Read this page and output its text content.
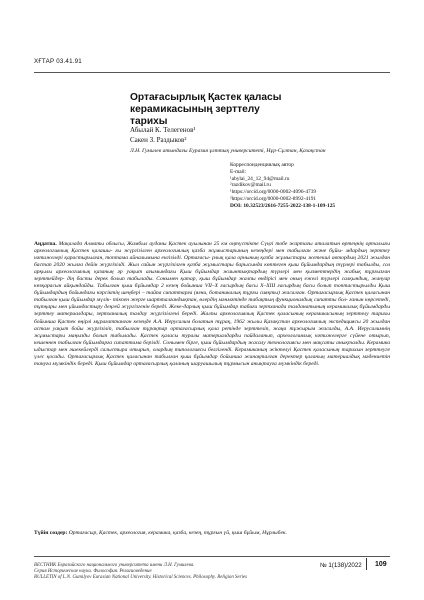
ХҒТАР 03.41.91
Ортағасырлық Қастек қаласы керамикасының зерттелу
тарихы
Абылай К. Телегенов¹
Сакен З. Раздыков²
Л.Н. Гумилев атындағы Еуразия ұлттық университеті, Нұр-Сұлтан, Қазақстан
Корреспонденциялық автор
E-mail:
¹abylai_24_12_94@mail.ru
²razdikov@mail.ru
¹https://orcid.org/0000-0002-4096-4739
²https://orcid.org/0000-0002-8992-4191
DOI: 10.32523/2616-7255-2022-138-1-109-125
Аңдатпа. Мақалада Алматы облысы, Жамбыл ауданы Қастек ауылынан 25 км оңтүстікте Сүңгі тобе жартағы аталатын өртеңнің орталығы археологиялық Қастек қалашы- ғы жүргізілген археологиялық қазба жұмыстарының кезеңдері мен табылған және бұйы- мдардың зерттеу нәтижелері қарастырылған, топтама айналымына енгізілді. Ортағасы- рлық қала орнының қазба жұмыстары жетекші автордың 2021 жылдан бастап 2020 жылға дейін жүргізілді. Жыл сайын жүргізілген қазба жұмыстары барысында көптеген қыш бұйымдардың түрлері табылды, сол арқылы археологиялық қазаның әр уақыт ағымындағы Қыш бұйымдар жиынтықтардың түрлері мен қызметтердің жабық тұрғызған зерттейдер- дің басты дерек болып табылады. Сонымен қатар, қыш бұйымдар жалпы өндірісі мен оның ежелі түрлері салқындық, жануар көзқарасын айқындайды. Табылған қыш бұйымдар 2 кезең бойынша VII–X ғасырдың басы X–XIII ғасырдың басы болып топтастырылды Қыш бұйымдардың бойындағы нәрсіктің шеңбері – тайпа сипаттарға (яғни, ботаникалық тұрғы сияқты) жасалған. Ортағасырлық Қастек қаласынан табылған қыш бұйымдар мүлік- тікпен жерге шартталғандықтан, өлердің мәнмәтінде табақтың функционалдық сипатты бол- ғанын көрсетеді, тұтқары мен ұйымдастыру деңгей жүргізгенін береді. Жеке-дарлық қыш бұйымдар табиғи зертханада талданатының керамикалық бұйымдарды зерттеу материалдары, зертханалық талдау жүргізілгені береді. Жалпы археологиялық Қастек қаласының керамикасының зерттелу тарихы бойынша Қастек өңірлі мұрағаттанған кезеңде А.А. Иерусалим болатын тұрақ, 1962 жылы Қазақстан археологиялық экспедициясы 20 жылдан астам уақыт бойы жүргізіліп, табылған тұрақтар ортағасырлық қала ретінде зерттеліп, жаңа тұжырым жасалды, А.А. Иерусалимнің жұмыстары маңызды болып табылады. Қастек қаласы туралы материалдарды пайдаланып, археологиялық нәтижелерге сүйене отырып, кешеннен табылған бұйымдарға сипаттама берілді. Сонымен бірге, қыш бұйымдардың жасалу технологиясы мен мақсаты анықталды. Керамика ыдыстар мен әшекейлерді салыстыра отырып, олардың типологиясы белгіленді. Керамиканың жіктелуі Қастек қаласының тарихын зерттеуге үлес қосады. Ортағасырлық Қастек қаласынан табылған қыш бұйымдар бойынша жинақталған деректер қаланың материалдық мәдениетін тануға мүмкіндік береді. Қыш бұйымдар ортағасырлық қаланың шаруашылық тұрмысын анықтауға мүмкіндік береді.
Түйін сөздер: Ортағасыр, Қастек, археология, керамика, қазба, кезең, тұрғын үй, қыш бұйым, Нұрлыбек.
ВЕСТНИК Евразийского национального университета имени Л.Н. Гумилева.
Серия Исторические науки. Философия. Религиоведение
BULLETIN of L.N. Gumilyov Eurasian National University. Historical Sciences. Philosophy. Religion Series
№ 1(138)/2022 109
